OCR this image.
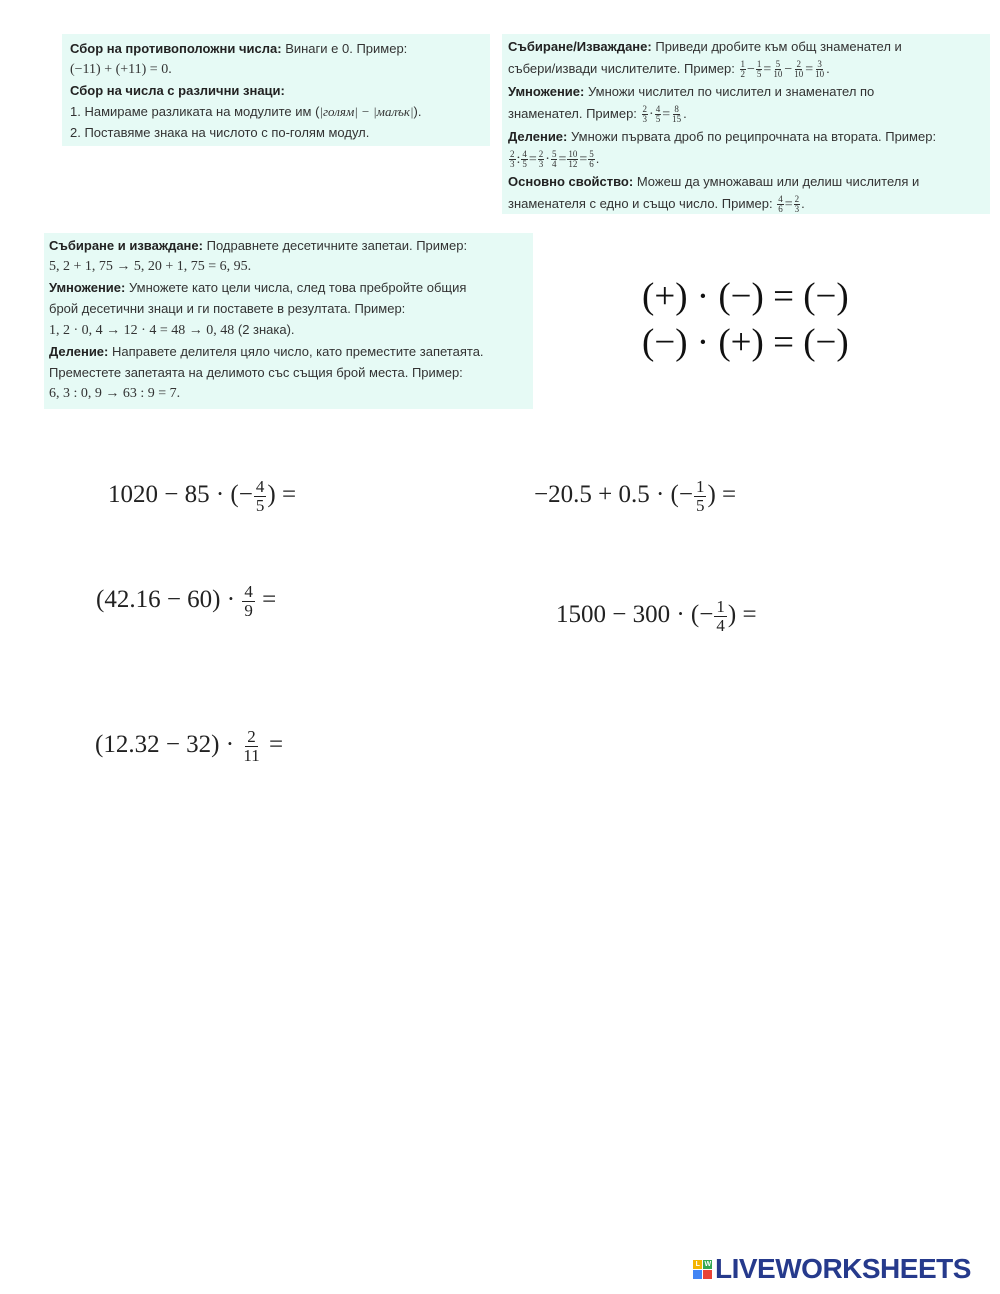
Сбор на противоположни числа: Винаги е 0. Пример:

(−11) + (+11) = 0.

Сбор на числа с различни знаци:

1. Намираме разликата на модулите им (|голям| − |малък|).

2. Поставяме знака на числото с по-голям модул.

Събиране/Изваждане: Приведи дробите към общ знаменател и

събери/извади числителите. Пример: $\frac{1}{2} - \frac{1}{5} = \frac{5}{10} - \frac{2}{10} = \frac{3}{10}$ .

Умножение: Умножи числител по числител и знаменател по

знаменател. Пример: $\frac{2}{3} \cdot \frac{4}{5} = \frac{8}{15}$ .

Деление: Умножи първата дроб по реципрочната на втората. Пример:

$\frac{2}{3}$ : $\frac{4}{5} = \frac{2}{3} \cdot \frac{5}{4} = \frac{10}{12} = \frac{5}{6}$ .

Основно свойство: Можеш да умножаваш или делиш числителя и

знаменателя с едно и също число. Пример: $\frac{4}{6} = \frac{2}{3}$ .

Събиране и изваждане: Подравнете десетичните запетаи. Пример:

5, 2 + 1, 75 → 5, 20 + 1, 75 = 6, 95.

Умножение: Умножете като цели числа, след това пребройте общия

брой десетични знаци и ги поставете в резултата. Пример:

1, 2 · 0, 4 → 12 · 4 = 48 → 0, 48 (2 знака).

Деление: Направете делителя цяло число, като преместите запетаята.

Преместете запетаята на делимото със същия брой места. Пример:

6, 3 : 0, 9 → 63 : 9 = 7.

(+) · (−) = (−)
(−) · (+) = (−)
1020 − 85 · (− $\frac{4}{5}$ ) =	−20.5 + 0.5 · (− $\frac{1}{5}$ ) =
$(42.16 - 60) \cdot \frac{4}{9}$ =
1500 − 300 · (− $\frac{1}{4}$ ) =
$(12.32 - 32) \cdot \frac{2}{11}$ =
L W LIVEWORKSHEETS
